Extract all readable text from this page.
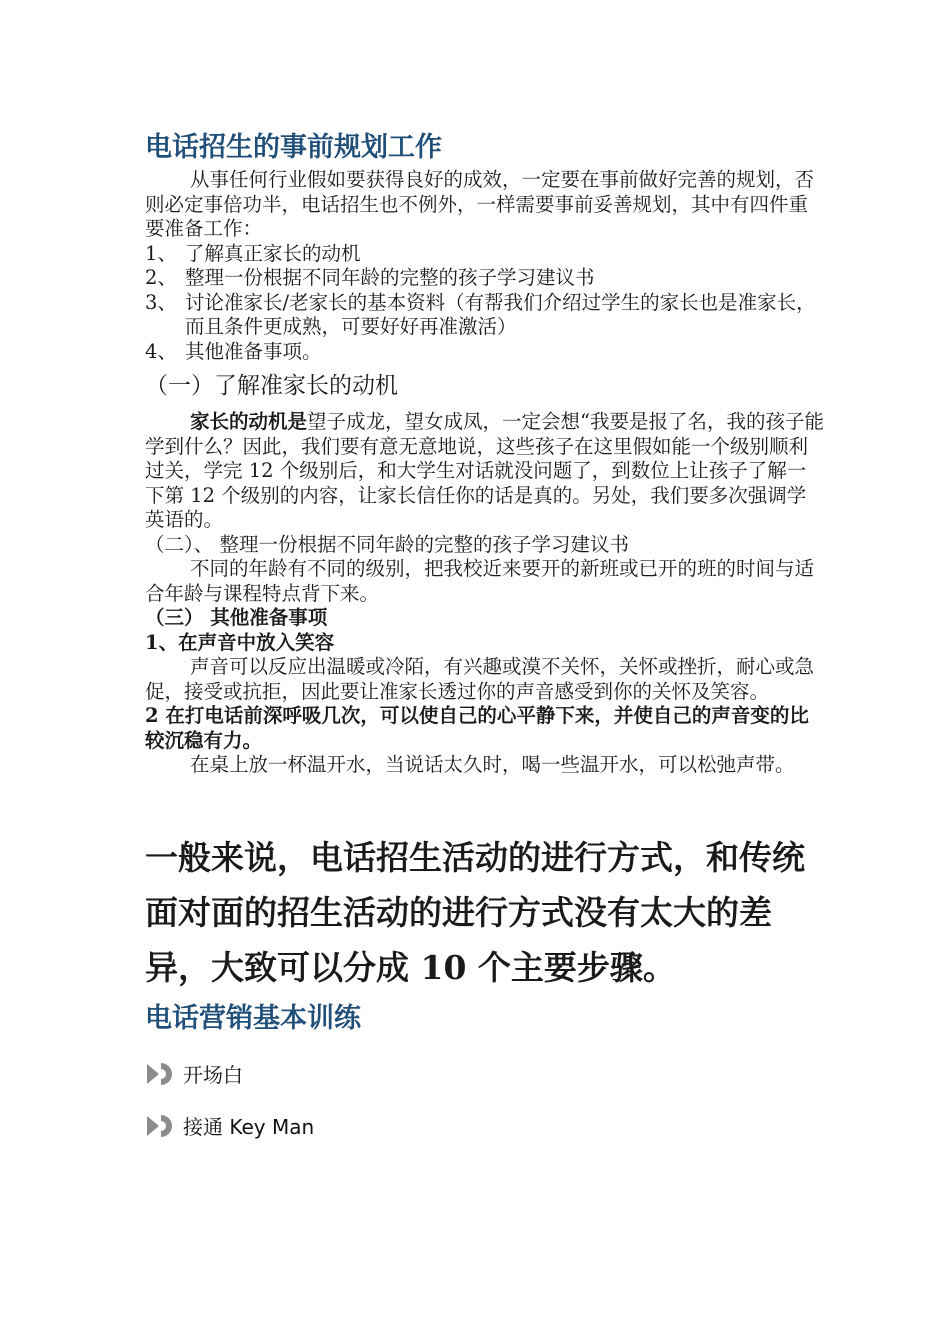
电话招生的事前规划工作

从事任何行业假如要获得良好的成效，一定要在事前做好完善的规划，否则必定事倍功半，电话招生也不例外，一样需要事前妥善规划，其中有四件重要准备工作：

1、 了解真正家长的动机
2、 整理一份根据不同年龄的完整的孩子学习建议书
3、 讨论准家长/老家长的基本资料（有帮我们介绍过学生的家长也是准家长，而且条件更成熟，可要好好再准激活）
4、 其他准备事项。

（一）了解准家长的动机

家长的动机是望子成龙，望女成凤，一定会想“我要是报了名，我的孩子能学到什么？因此，我们要有意无意地说，这些孩子在这里假如能一个级别顺利过关，学完 12 个级别后，和大学生对话就没问题了，到数位上让孩子了解一下第 12 个级别的内容，让家长信任你的话是真的。另处，我们要多次强调学英语的。

（二）、 整理一份根据不同年龄的完整的孩子学习建议书

不同的年龄有不同的级别，把我校近来要开的新班或已开的班的时间与适合年龄与课程特点背下来。

（三） 其他准备事项

1、在声音中放入笑容

声音可以反应出温暖或冷陌，有兴趣或漠不关怀，关怀或挫折，耐心或急促，接受或抗拒，因此要让准家长透过你的声音感受到你的关怀及笑容。

2 在打电话前深呼吸几次，可以使自己的心平静下来，并使自己的声音变的比较沉稳有力。

在桌上放一杯温开水，当说话太久时，喝一些温开水，可以松弛声带。

一般来说，电话招生活动的进行方式，和传统面对面的招生活动的进行方式没有太大的差异，大致可以分成 10 个主要步骤。

电话营销基本训练
开场白
接通 Key Man
